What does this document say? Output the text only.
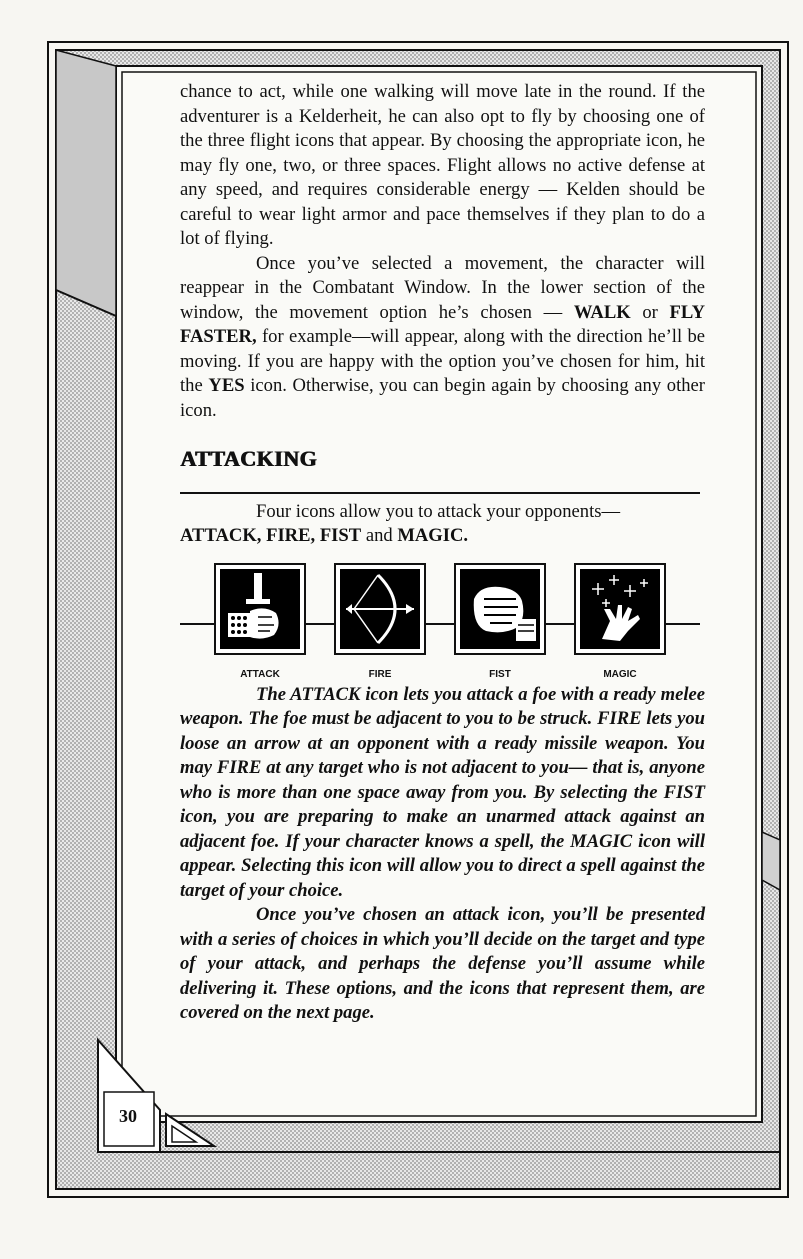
chance to act, while one walking will move late in the round. If the adventurer is a Kelderheit, he can also opt to fly by choosing one of the three flight icons that appear. By choosing the appropriate icon, he may fly one, two, or three spaces. Flight allows no active defense at any speed, and requires considerable energy — Kelden should be careful to wear light armor and pace themselves if they plan to do a lot of flying.

Once you’ve selected a movement, the character will reappear in the Combatant Window. In the lower section of the window, the movement option he’s chosen — WALK or FLY FASTER, for example—will appear, along with the direction he’ll be moving. If you are happy with the option you’ve chosen for him, hit the YES icon. Otherwise, you can begin again by choosing any other icon.

ATTACKING

Four icons allow you to attack your opponents—
ATTACK, FIRE, FIST and MAGIC.

ATTACK	FIRE	FIST	MAGIC

The ATTACK icon lets you attack a foe with a ready melee weapon. The foe must be adjacent to you to be struck. FIRE lets you loose an arrow at an opponent with a ready missile weapon. You may FIRE at any target who is not adjacent to you— that is, anyone who is more than one space away from you. By selecting the FIST icon, you are preparing to make an unarmed attack against an adjacent foe. If your character knows a spell, the MAGIC icon will appear. Selecting this icon will allow you to direct a spell against the target of your choice.

Once you’ve chosen an attack icon, you’ll be presented with a series of choices in which you’ll decide on the target and type of your attack, and perhaps the defense you’ll assume while delivering it. These options, and the icons that represent them, are covered on the next page.

30
